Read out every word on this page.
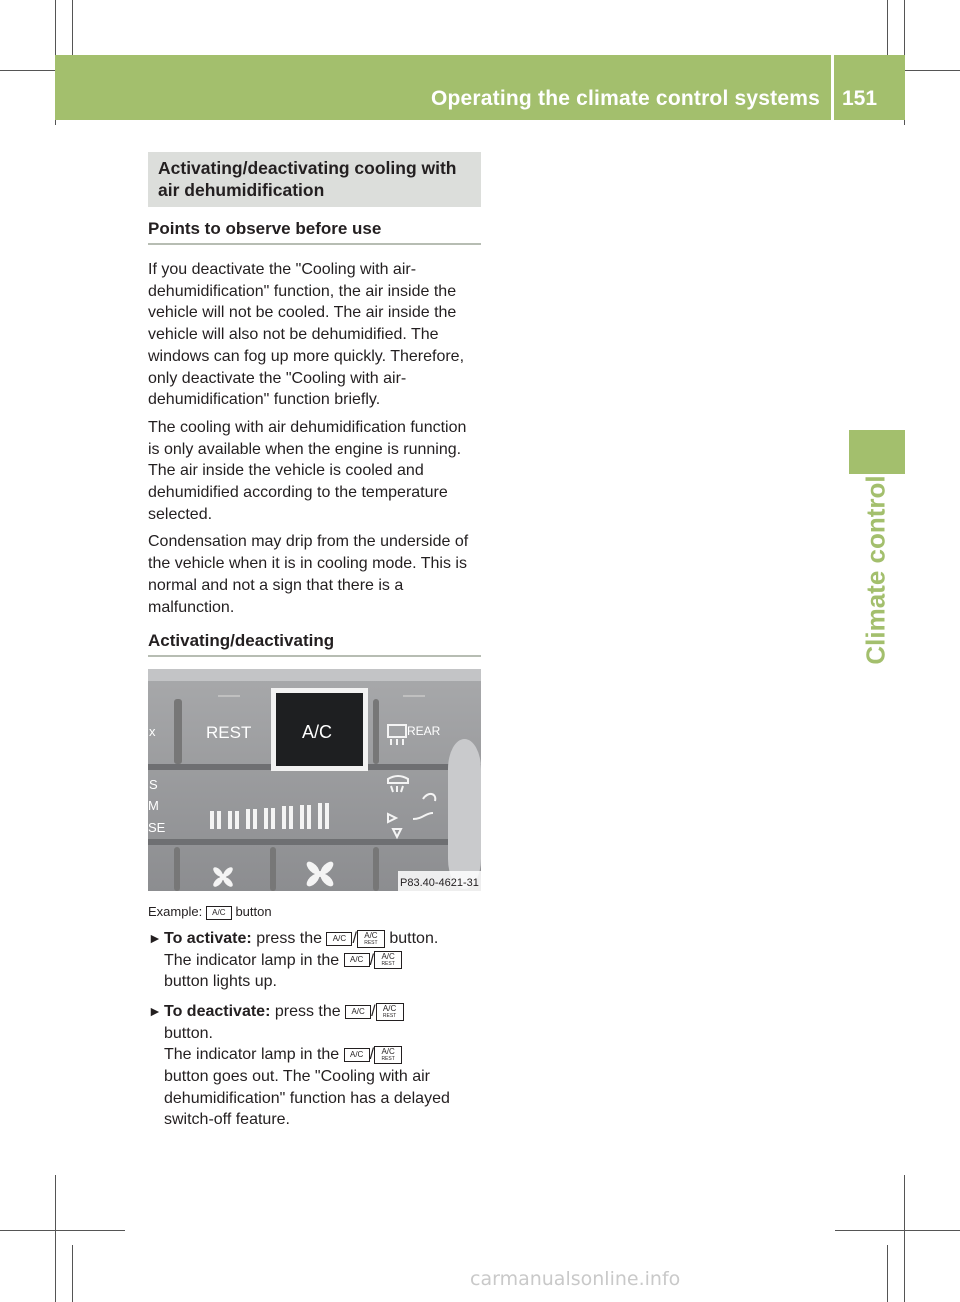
Operating the climate control systems 151
Climate control
Activating/deactivating cooling with air dehumidification
Points to observe before use

If you deactivate the "Cooling with air-dehumidification" function, the air inside the vehicle will not be cooled. The air inside the vehicle will also not be dehumidified. The windows can fog up more quickly. Therefore, only deactivate the "Cooling with air-dehumidification" function briefly.

The cooling with air dehumidification function is only available when the engine is running. The air inside the vehicle is cooled and dehumidified according to the temperature selected.

Condensation may drip from the underside of the vehicle when it is in cooling mode. This is normal and not a sign that there is a malfunction.

Activating/deactivating
REST	A/C	REAR
x
S
M
SE
P83.40-4621-31
Example: A/C button
► To activate: press the A/C / A/C
REST button.
The indicator lamp in the A/C / A/C
REST

button lights up.
► To deactivate: press the A/C / A/C
REST

button.
The indicator lamp in the A/C / A/C
REST

button goes out. The "Cooling with air dehumidification" function has a delayed switch-off feature.
carmanualsonline.info
